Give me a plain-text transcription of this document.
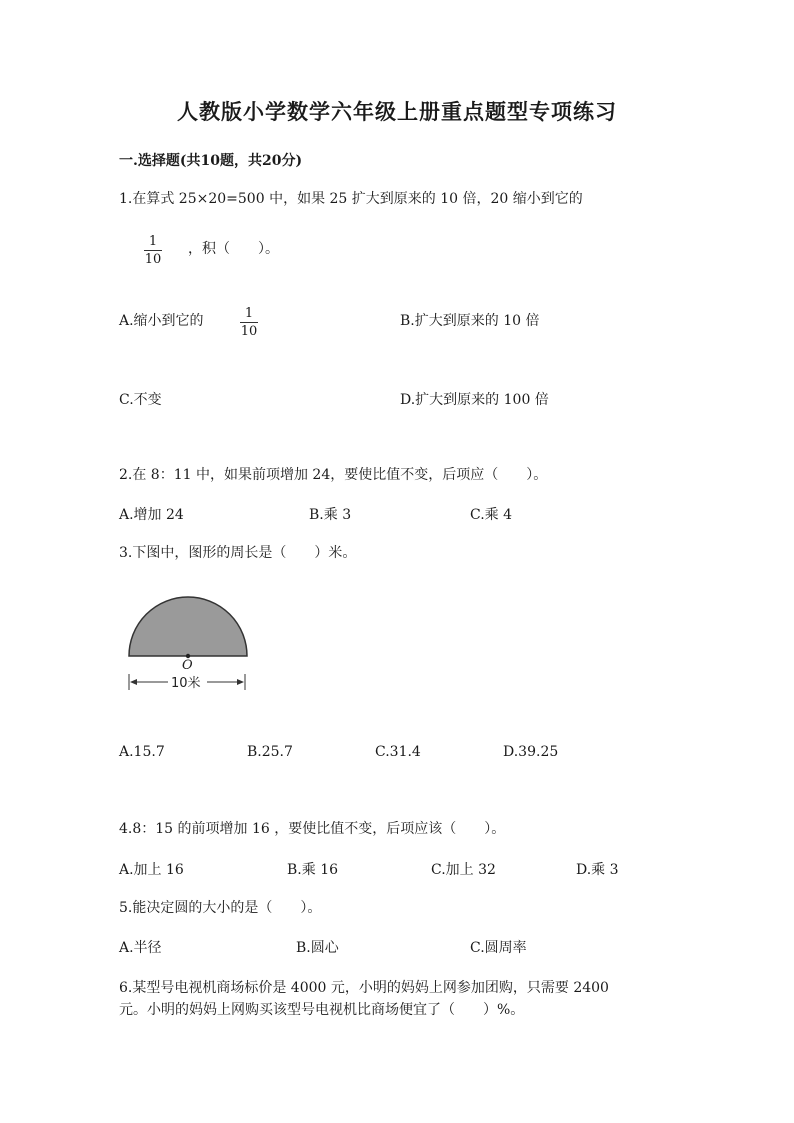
人教版小学数学六年级上册重点题型专项练习
一.选择题(共10题，共20分)
1.在算式 25×20=500 中，如果 25 扩大到原来的 10 倍，20 缩小到它的
$\frac{1}{10}$ ，积（　　）。
A.缩小到它的	$\frac{1}{10}$	B.扩大到原来的 10 倍
C.不变	D.扩大到原来的 100 倍
2.在 8：11 中，如果前项增加 24，要使比值不变，后项应（　　）。
A.增加 24	B.乘 3	C.乘 4
3.下图中，图形的周长是（　　）米。
O
10米
A.15.7	B.25.7	C.31.4	D.39.25
4.8：15 的前项增加 16 ，要使比值不变，后项应该（　　）。
A.加上 16	B.乘 16	C.加上 32	D.乘 3
5.能决定圆的大小的是（　　）。
A.半径	B.圆心	C.圆周率
6.某型号电视机商场标价是 4000 元，小明的妈妈上网参加团购，只需要 2400
元。小明的妈妈上网购买该型号电视机比商场便宜了（　　）%。
